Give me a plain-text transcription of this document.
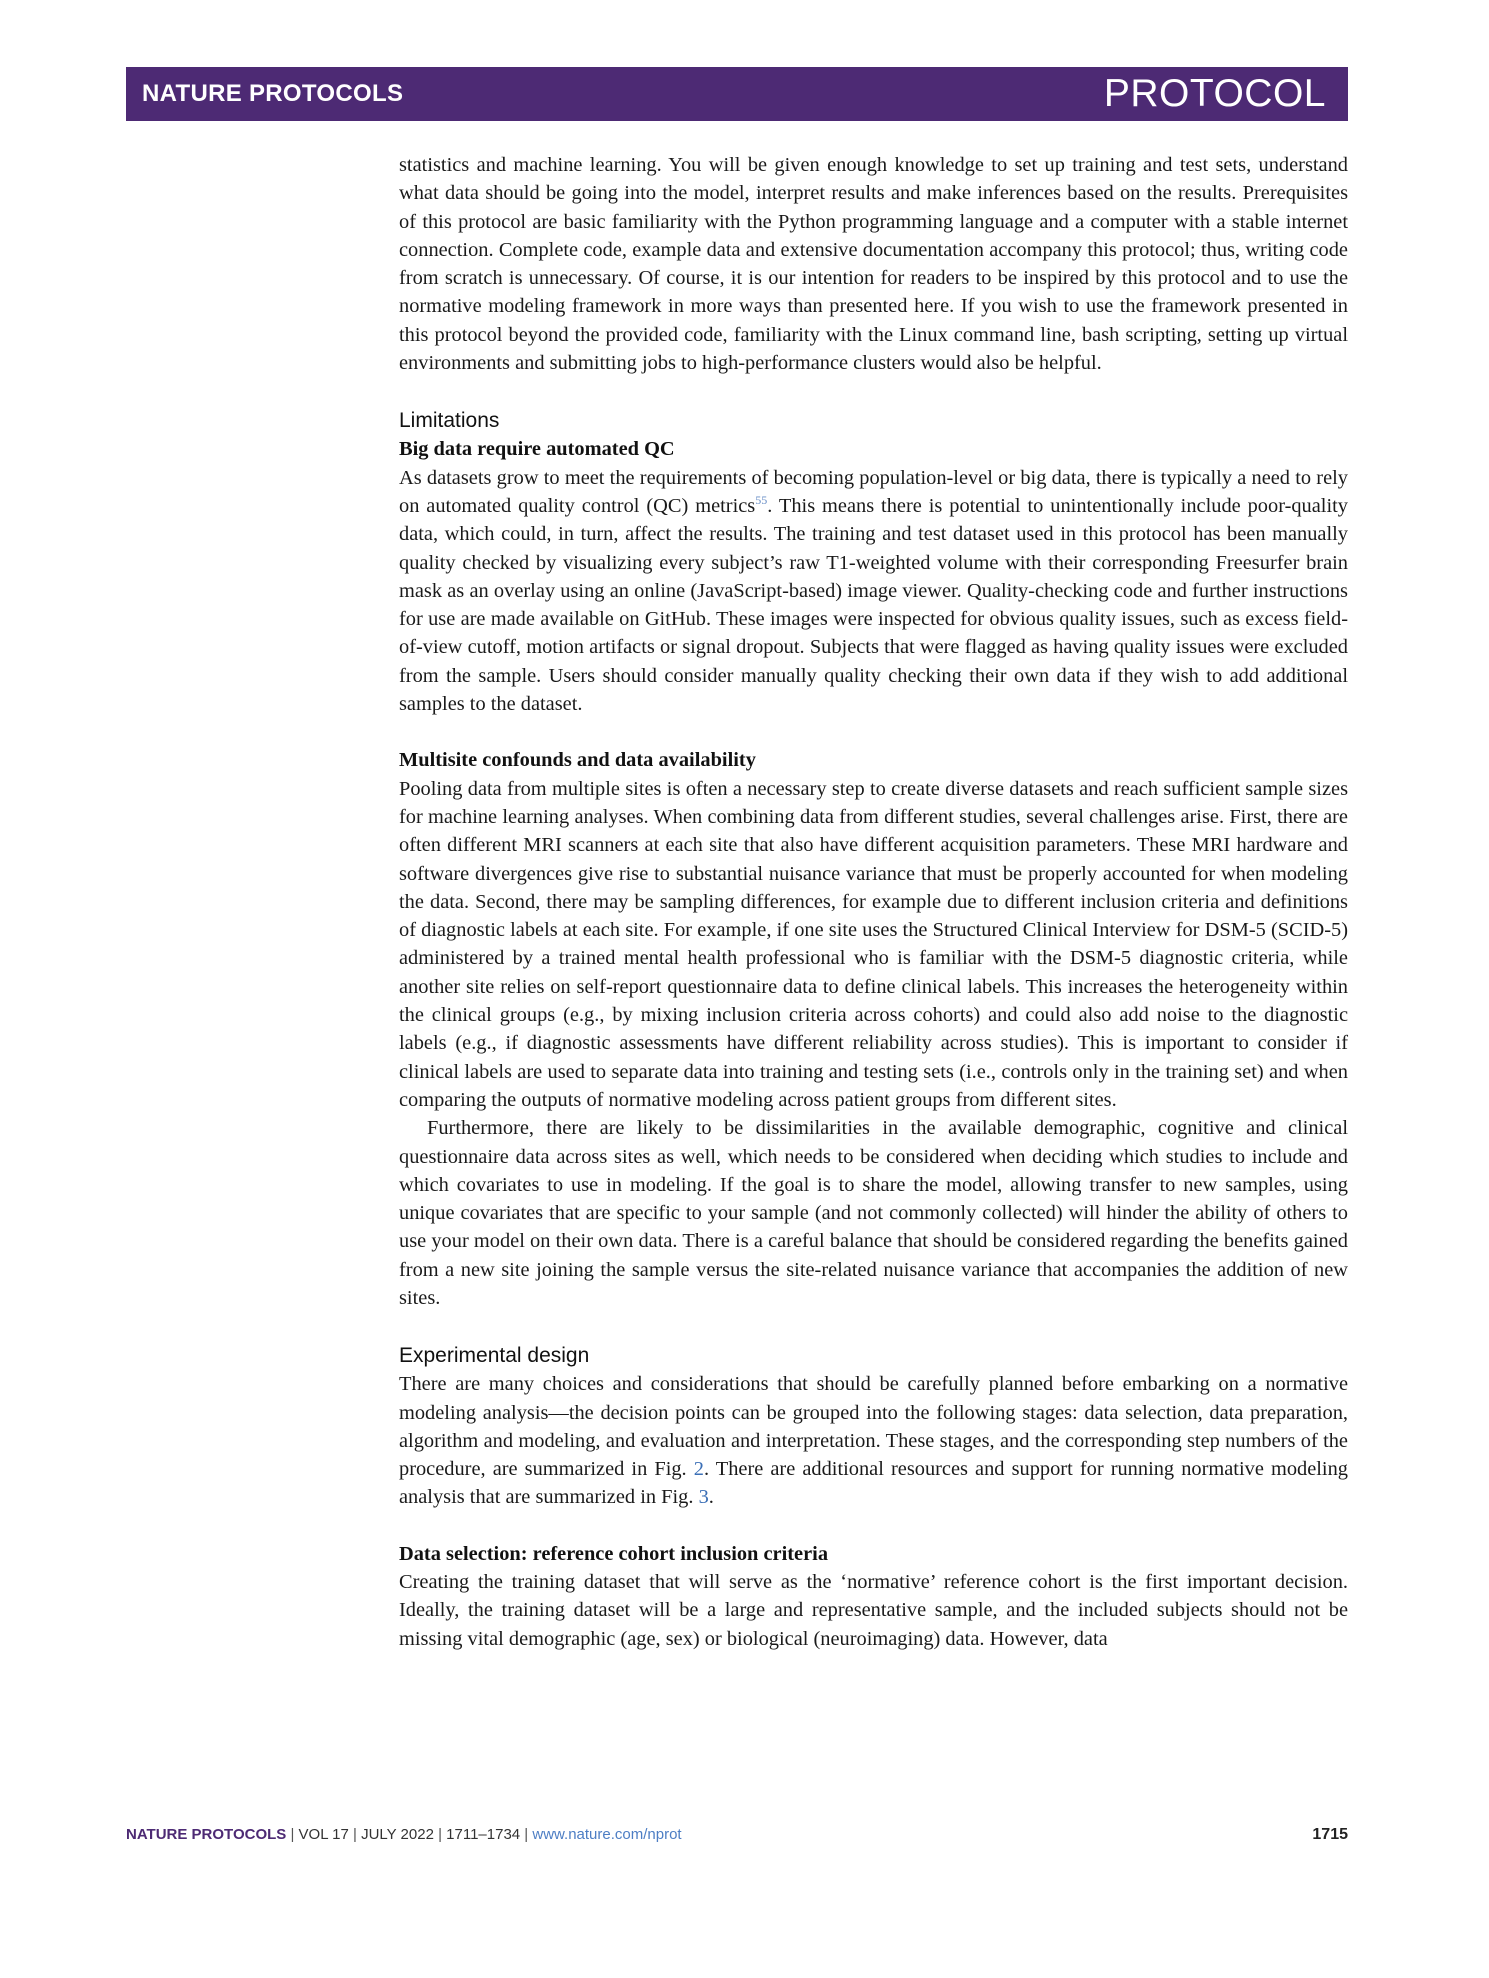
NATURE PROTOCOLS	PROTOCOL

statistics and machine learning. You will be given enough knowledge to set up training and test sets, understand what data should be going into the model, interpret results and make inferences based on the results. Prerequisites of this protocol are basic familiarity with the Python programming language and a computer with a stable internet connection. Complete code, example data and extensive documentation accompany this protocol; thus, writing code from scratch is unnecessary. Of course, it is our intention for readers to be inspired by this protocol and to use the normative modeling framework in more ways than presented here. If you wish to use the framework presented in this protocol beyond the provided code, familiarity with the Linux command line, bash scripting, setting up virtual environments and submitting jobs to high-performance clusters would also be helpful.

Limitations
Big data require automated QC

As datasets grow to meet the requirements of becoming population-level or big data, there is typically a need to rely on automated quality control (QC) metrics$^{55}$. This means there is potential to unintentionally include poor-quality data, which could, in turn, affect the results. The training and test dataset used in this protocol has been manually quality checked by visualizing every subject’s raw T1-weighted volume with their corresponding Freesurfer brain mask as an overlay using an online (JavaScript-based) image viewer. Quality-checking code and further instructions for use are made available on GitHub. These images were inspected for obvious quality issues, such as excess field-of-view cutoff, motion artifacts or signal dropout. Subjects that were flagged as having quality issues were excluded from the sample. Users should consider manually quality checking their own data if they wish to add additional samples to the dataset.

Multisite confounds and data availability

Pooling data from multiple sites is often a necessary step to create diverse datasets and reach sufficient sample sizes for machine learning analyses. When combining data from different studies, several challenges arise. First, there are often different MRI scanners at each site that also have different acquisition parameters. These MRI hardware and software divergences give rise to substantial nuisance variance that must be properly accounted for when modeling the data. Second, there may be sampling differences, for example due to different inclusion criteria and definitions of diagnostic labels at each site. For example, if one site uses the Structured Clinical Interview for DSM-5 (SCID-5) administered by a trained mental health professional who is familiar with the DSM-5 diagnostic criteria, while another site relies on self-report questionnaire data to define clinical labels. This increases the heterogeneity within the clinical groups (e.g., by mixing inclusion criteria across cohorts) and could also add noise to the diagnostic labels (e.g., if diagnostic assessments have different reliability across studies). This is important to consider if clinical labels are used to separate data into training and testing sets (i.e., controls only in the training set) and when comparing the outputs of normative modeling across patient groups from different sites.

Furthermore, there are likely to be dissimilarities in the available demographic, cognitive and clinical questionnaire data across sites as well, which needs to be considered when deciding which studies to include and which covariates to use in modeling. If the goal is to share the model, allowing transfer to new samples, using unique covariates that are specific to your sample (and not commonly collected) will hinder the ability of others to use your model on their own data. There is a careful balance that should be considered regarding the benefits gained from a new site joining the sample versus the site-related nuisance variance that accompanies the addition of new sites.

Experimental design

There are many choices and considerations that should be carefully planned before embarking on a normative modeling analysis—the decision points can be grouped into the following stages: data selection, data preparation, algorithm and modeling, and evaluation and interpretation. These stages, and the corresponding step numbers of the procedure, are summarized in Fig. 2. There are additional resources and support for running normative modeling analysis that are summarized in Fig. 3.

Data selection: reference cohort inclusion criteria

Creating the training dataset that will serve as the ‘normative’ reference cohort is the first important decision. Ideally, the training dataset will be a large and representative sample, and the included subjects should not be missing vital demographic (age, sex) or biological (neuroimaging) data. However, data

NATURE PROTOCOLS | VOL 17 | JULY 2022 | 1711–1734 | www.nature.com/nprot	1715
